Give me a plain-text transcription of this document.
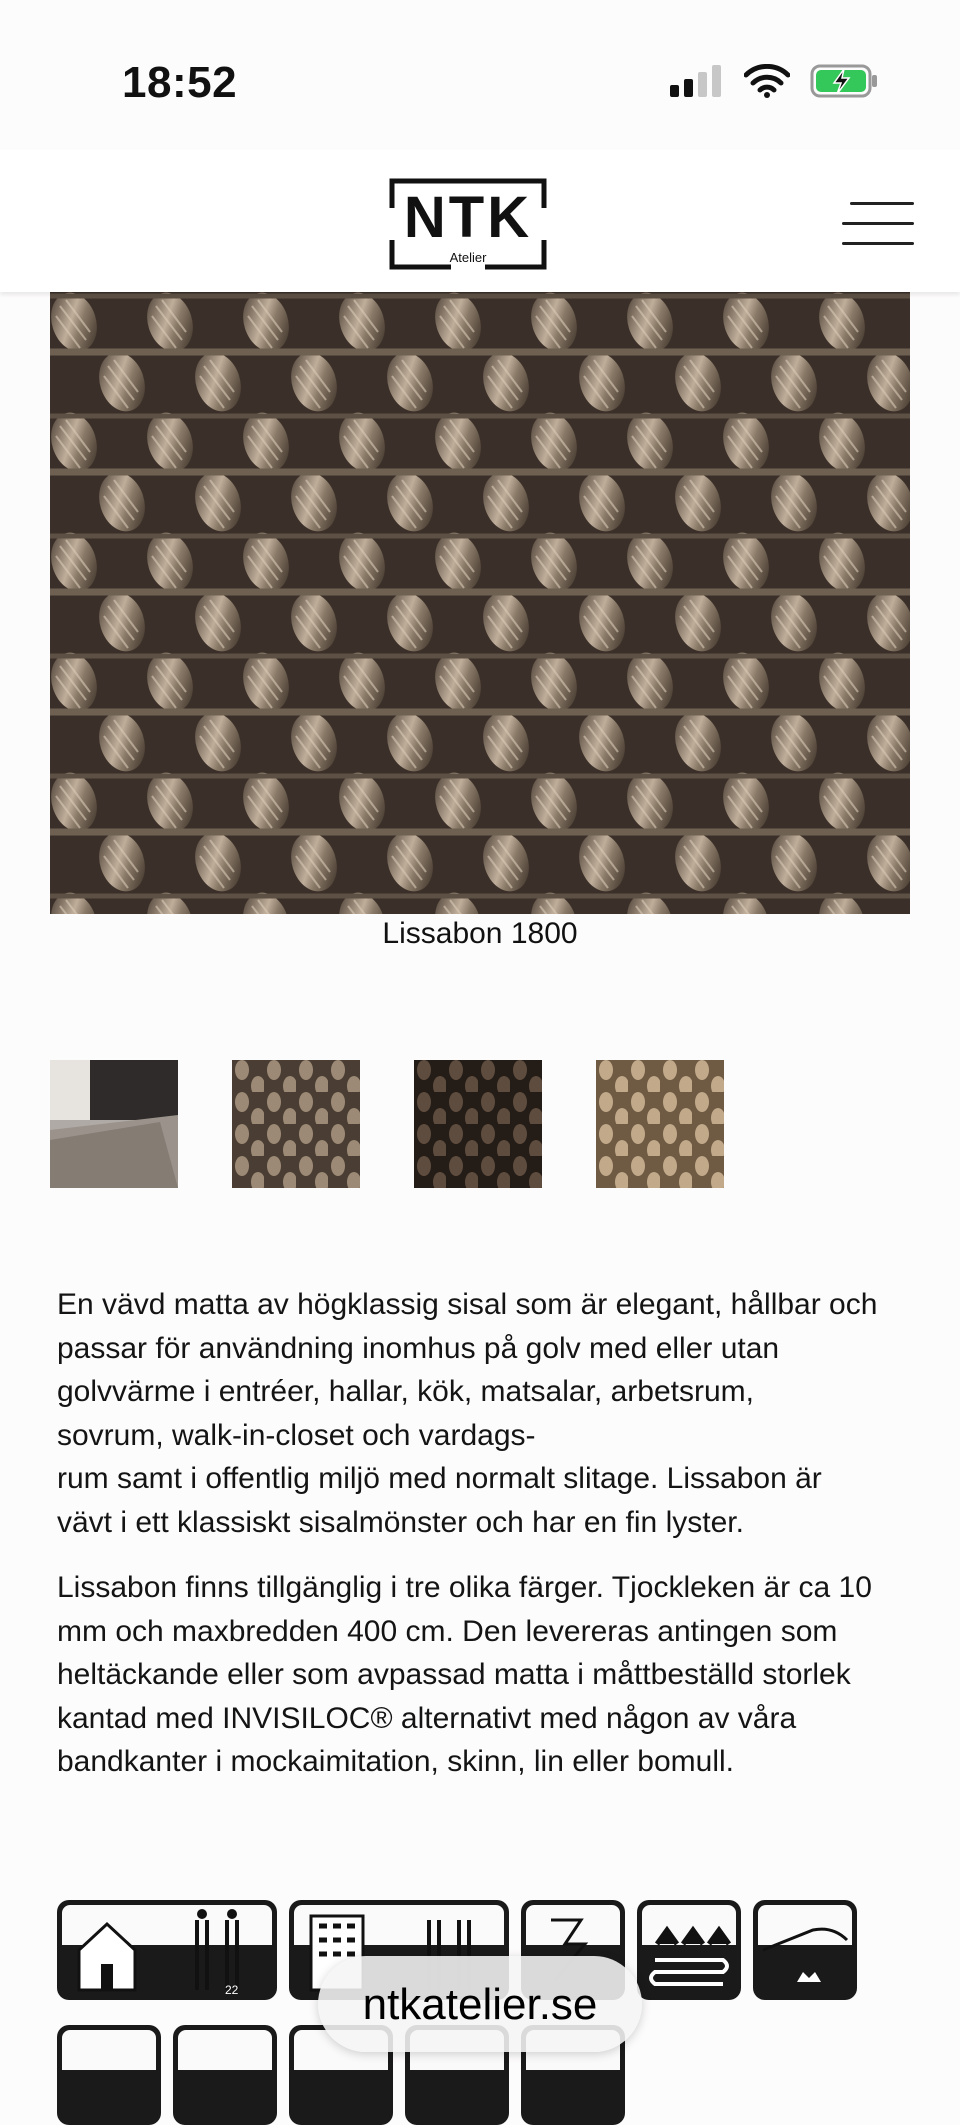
18:52
NTK
Atelier
Lissabon 1800

En vävd matta av högklassig sisal som är elegant, hållbar och
passar för användning inomhus på golv med eller utan
golvvärme i entréer, hallar, kök, matsalar, arbetsrum,
sovrum, walk-in-closet och vardags-
rum samt i offentlig miljö med normalt slitage. Lissabon är
vävt i ett klassiskt sisalmönster och har en fin lyster.

Lissabon finns tillgänglig i tre olika färger. Tjockleken är ca 10
mm och maxbredden 400 cm. Den levereras antingen som
heltäckande eller som avpassad matta i måttbeställd storlek
kantad med INVISILOC® alternativt med någon av våra
bandkanter i mockaimitation, skinn, lin eller bomull.

22	ntkatelier.se
